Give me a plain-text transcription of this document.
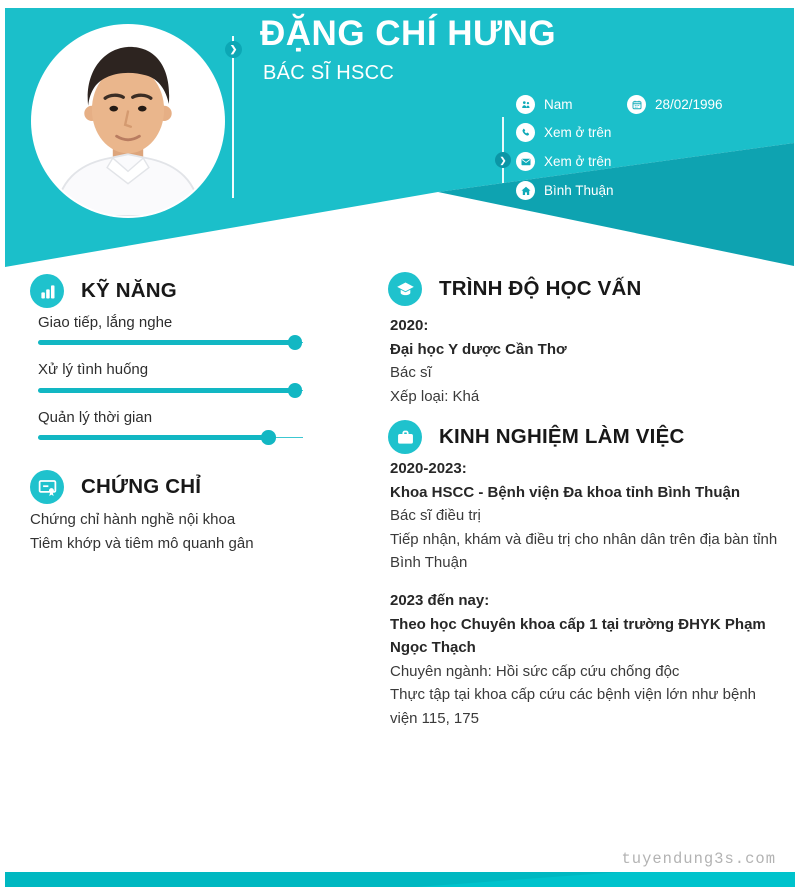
❯ ĐẶNG CHÍ HƯNG
BÁC SĨ HSCC
❯
Nam	28/02/1996
Xem ở trên
Xem ở trên
Bình Thuận
KỸ NĂNG
Giao tiếp, lắng nghe
Xử lý tình huống
Quản lý thời gian
CHỨNG CHỈ
Chứng chỉ hành nghề nội khoa
Tiêm khớp và tiêm mô quanh gân
TRÌNH ĐỘ HỌC VẤN
2020:
Đại học Y dược Cần Thơ
Bác sĩ
Xếp loại: Khá
KINH NGHIỆM LÀM VIỆC
2020-2023:
Khoa HSCC - Bệnh viện Đa khoa tỉnh Bình Thuận
Bác sĩ điều trị
Tiếp nhận, khám và điều trị cho nhân dân trên địa bàn tỉnh Bình Thuận
2023 đến nay:
Theo học Chuyên khoa cấp 1 tại trường ĐHYK Phạm Ngọc Thạch
Chuyên ngành: Hồi sức cấp cứu chống độc
Thực tập tại khoa cấp cứu các bệnh viện lớn như bệnh viện 115, 175
tuyendung3s.com
